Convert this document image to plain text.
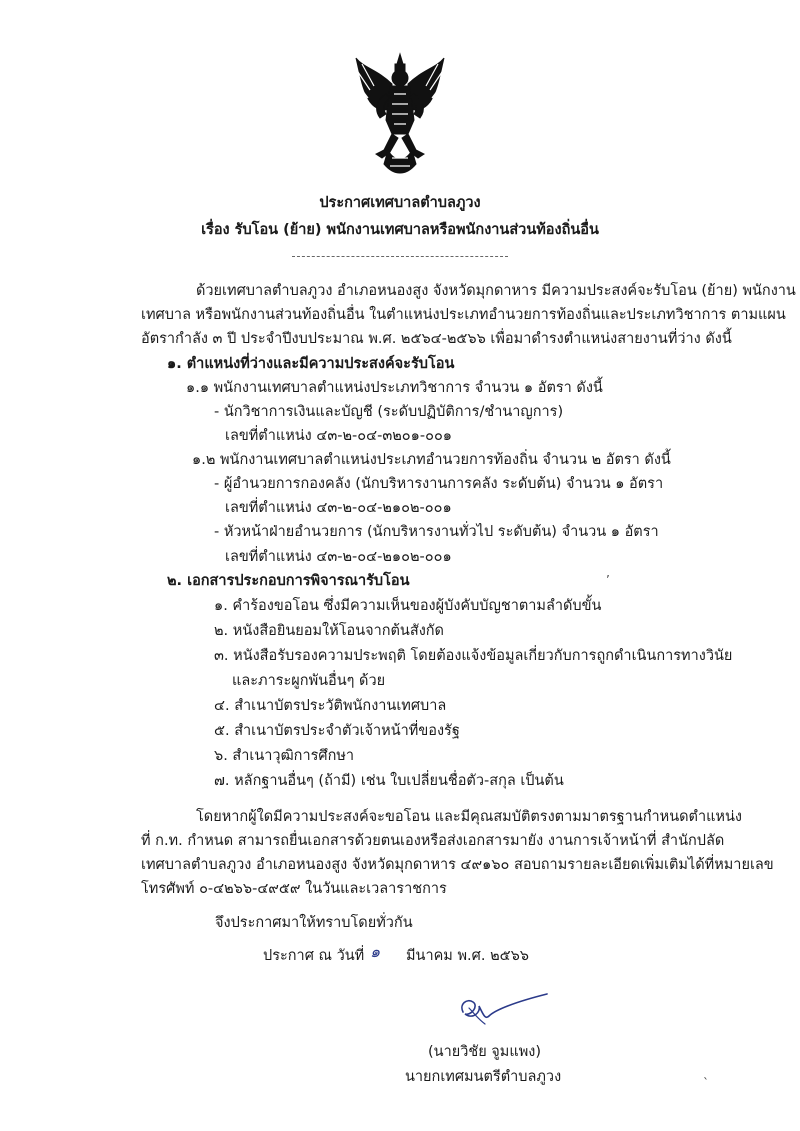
ประกาศเทศบาลตำบลภูวง
เรื่อง รับโอน (ย้าย) พนักงานเทศบาลหรือพนักงานส่วนท้องถิ่นอื่น
ด้วยเทศบาลตำบลภูวง อำเภอหนองสูง จังหวัดมุกดาหาร มีความประสงค์จะรับโอน (ย้าย) พนักงาน
เทศบาล หรือพนักงานส่วนท้องถิ่นอื่น ในตำแหน่งประเภทอำนวยการท้องถิ่นและประเภทวิชาการ ตามแผน
อัตรากำลัง ๓ ปี ประจำปีงบประมาณ พ.ศ. ๒๕๖๔-๒๕๖๖ เพื่อมาดำรงตำแหน่งสายงานที่ว่าง ดังนี้
๑. ตำแหน่งที่ว่างและมีความประสงค์จะรับโอน
๑.๑ พนักงานเทศบาลตำแหน่งประเภทวิชาการ จำนวน ๑ อัตรา ดังนี้
- นักวิชาการเงินและบัญชี (ระดับปฏิบัติการ/ชำนาญการ)
เลขที่ตำแหน่ง ๔๓-๒-๐๔-๓๒๐๑-๐๐๑
๑.๒ พนักงานเทศบาลตำแหน่งประเภทอำนวยการท้องถิ่น จำนวน ๒ อัตรา ดังนี้
- ผู้อำนวยการกองคลัง (นักบริหารงานการคลัง ระดับต้น) จำนวน ๑ อัตรา
เลขที่ตำแหน่ง ๔๓-๒-๐๔-๒๑๐๒-๐๐๑
- หัวหน้าฝ่ายอำนวยการ (นักบริหารงานทั่วไป ระดับต้น) จำนวน ๑ อัตรา
เลขที่ตำแหน่ง ๔๓-๒-๐๔-๒๑๐๒-๐๐๑
๒. เอกสารประกอบการพิจารณารับโอน
๑. คำร้องขอโอน ซึ่งมีความเห็นของผู้บังคับบัญชาตามลำดับขั้น
๒. หนังสือยินยอมให้โอนจากต้นสังกัด
๓. หนังสือรับรองความประพฤติ โดยต้องแจ้งข้อมูลเกี่ยวกับการถูกดำเนินการทางวินัย
และภาระผูกพันอื่นๆ ด้วย
๔. สำเนาบัตรประวัติพนักงานเทศบาล
๕. สำเนาบัตรประจำตัวเจ้าหน้าที่ของรัฐ
๖. สำเนาวุฒิการศึกษา
๗. หลักฐานอื่นๆ (ถ้ามี) เช่น ใบเปลี่ยนชื่อตัว-สกุล เป็นต้น
โดยหากผู้ใดมีความประสงค์จะขอโอน และมีคุณสมบัติตรงตามมาตรฐานกำหนดตำแหน่ง
ที่ ก.ท. กำหนด สามารถยื่นเอกสารด้วยตนเองหรือส่งเอกสารมายัง งานการเจ้าหน้าที่ สำนักปลัด
เทศบาลตำบลภูวง อำเภอหนองสูง จังหวัดมุกดาหาร ๔๙๑๖๐ สอบถามรายละเอียดเพิ่มเติมได้ที่หมายเลข
โทรศัพท์ ๐-๔๒๖๖-๔๙๕๙ ในวันและเวลาราชการ
จึงประกาศมาให้ทราบโดยทั่วกัน
ประกาศ ณ วันที่ ๑ มีนาคม พ.ศ. ๒๕๖๖
(นายวิชัย จูมแพง)
นายกเทศมนตรีตำบลภูวง
’
`
